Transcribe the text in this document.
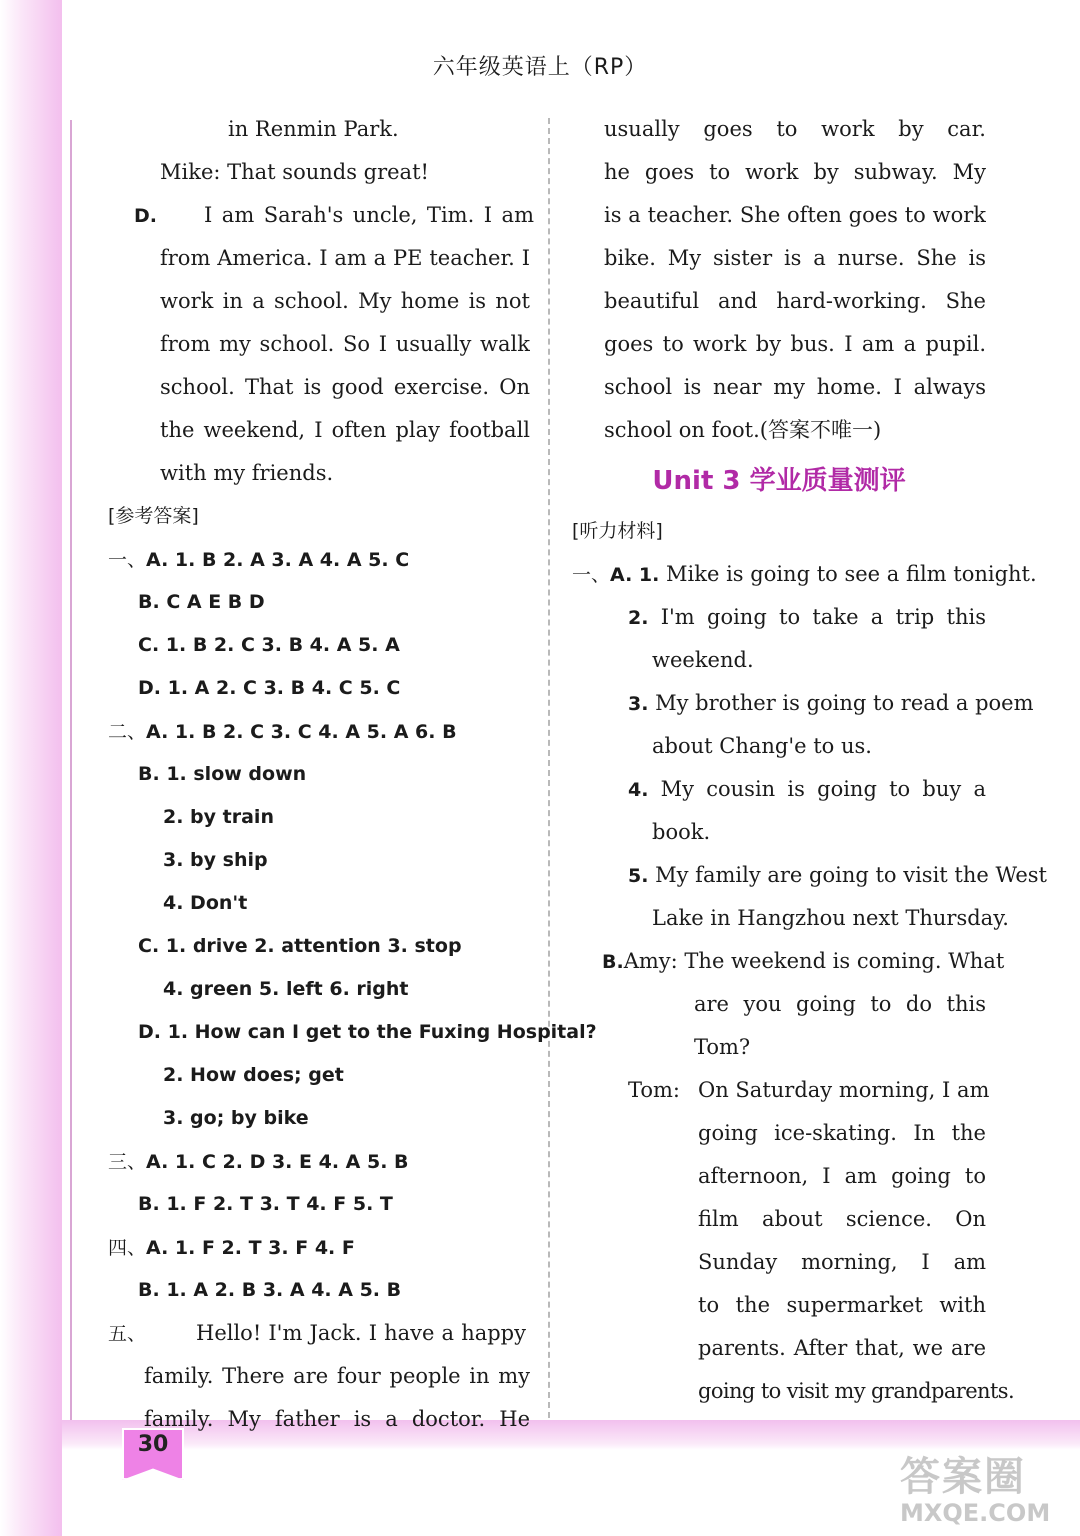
30
六年级英语上（RP）
in Renmin Park.
Mike: That sounds great!
D. I am Sarah's uncle, Tim. I am
from America. I am a PE teacher. I
work in a school. My home is not
from my school. So I usually walk
school. That is good exercise. On
the weekend, I often play football
with my friends.
[参考答案]
一、A. 1. B 2. A 3. A 4. A 5. C
B. C A E B D
C. 1. B 2. C 3. B 4. A 5. A
D. 1. A 2. C 3. B 4. C 5. C
二、A. 1. B 2. C 3. C 4. A 5. A 6. B
B. 1. slow down
2. by train
3. by ship
4. Don't
C. 1. drive 2. attention 3. stop
4. green 5. left 6. right
D. 1. How can I get to the Fuxing Hospital?
2. How does; get
3. go; by bike
三、A. 1. C 2. D 3. E 4. A 5. B
B. 1. F 2. T 3. T 4. F 5. T
四、A. 1. F 2. T 3. F 4. F
B. 1. A 2. B 3. A 4. A 5. B
五、 Hello! I'm Jack. I have a happy
family. There are four people in my
family. My father is a doctor. He
usually goes to work by car.
he goes to work by subway. My
is a teacher. She often goes to work
bike. My sister is a nurse. She is
beautiful and hard-working. She
goes to work by bus. I am a pupil.
school is near my home. I always
school on foot.(答案不唯一)
Unit 3 学业质量测评
[听力材料]
一、A. 1. Mike is going to see a film tonight.
2. I'm going to take a trip this
weekend.
3. My brother is going to read a poem
about Chang'e to us.
4. My cousin is going to buy a
book.
5. My family are going to visit the West
Lake in Hangzhou next Thursday.
B.Amy: The weekend is coming. What
are you going to do this
Tom?
Tom: On Saturday morning, I am
going ice-skating. In the
afternoon, I am going to
film about science. On
Sunday morning, I am
to the supermarket with
parents. After that, we are
going to visit my grandparents.
答案圈
MXQE.COM
